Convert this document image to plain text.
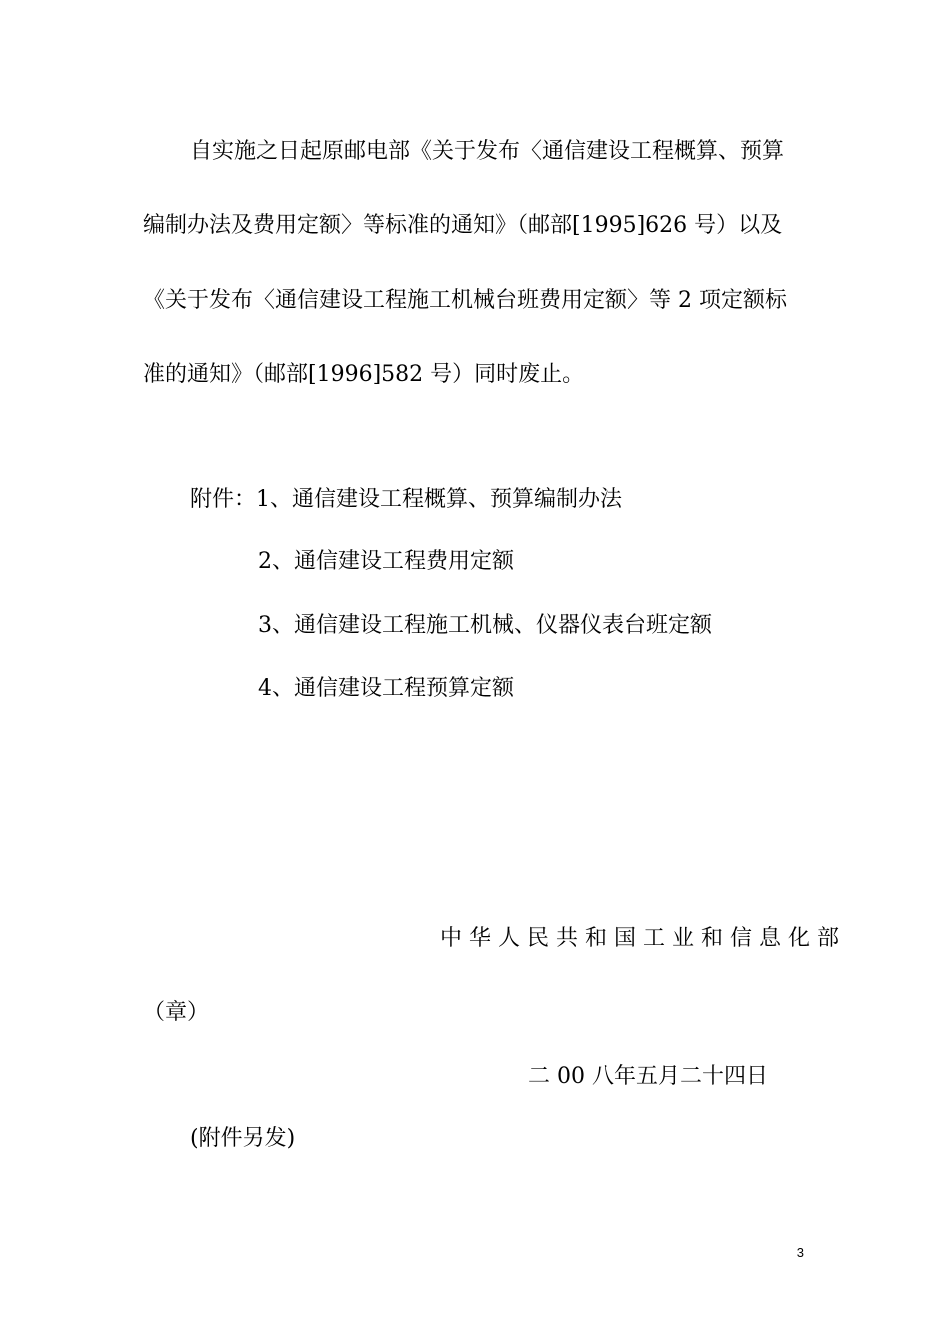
自实施之日起原邮电部《关于发布〈通信建设工程概算、预算
编制办法及费用定额〉等标准的通知》（邮部[1995]626 号）以及
《关于发布〈通信建设工程施工机械台班费用定额〉等 2 项定额标
准的通知》（邮部[1996]582 号）同时废止。
附件：1、通信建设工程概算、预算编制办法
2、通信建设工程费用定额
3、通信建设工程施工机械、仪器仪表台班定额
4、通信建设工程预算定额
中华人民共和国工业和信息化部
（章）
二 00 八年五月二十四日
(附件另发)
3
